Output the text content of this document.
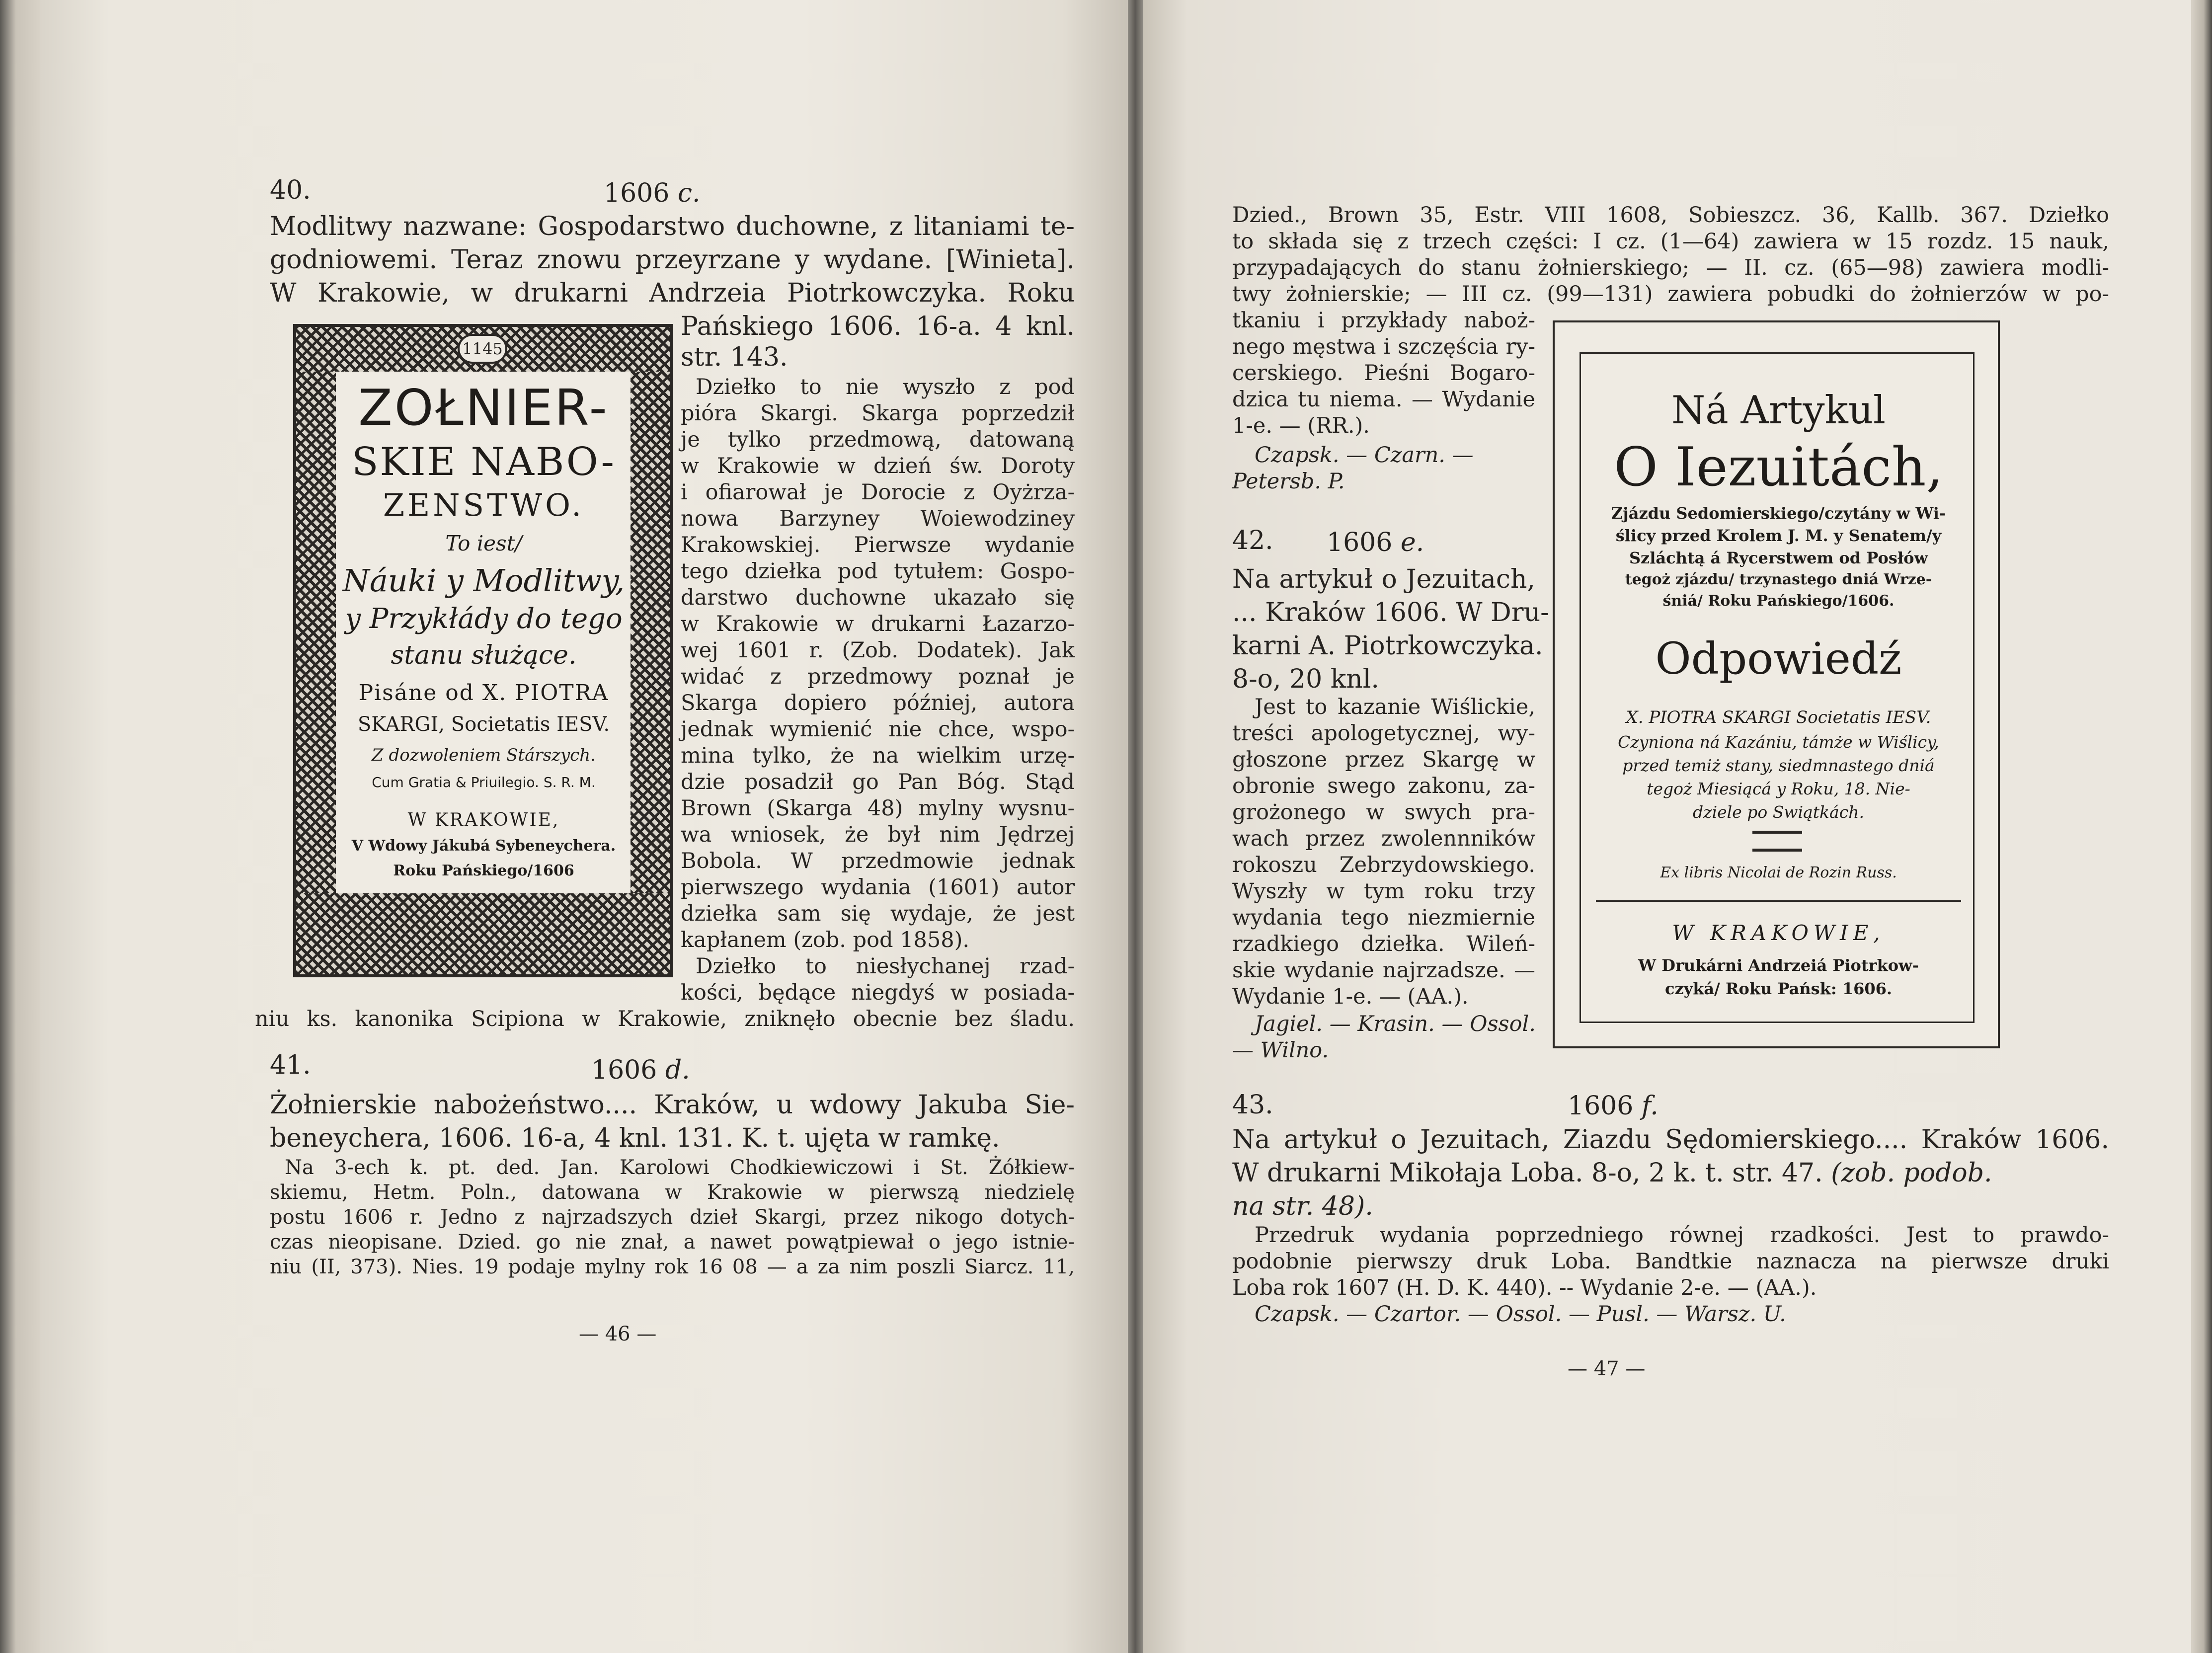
40.	1606 c.
Modlitwy nazwane: Gospodarstwo duchowne, z litaniami te-
godniowemi. Teraz znowu przeyrzane y wydane. [Winieta].
W Krakowie, w drukarni Andrzeia Piotrkowczyka. Roku
Pańskiego 1606. 16-a. 4 knl.
str. 143.
Dziełko to nie wyszło z pod
pióra Skargi. Skarga poprzedził
je tylko przedmową, datowaną
w Krakowie w dzień św. Doroty
i ofiarował je Dorocie z Oyżrza-
nowa Barzyney Woiewodziney
Krakowskiej. Pierwsze wydanie
tego dziełka pod tytułem: Gospo-
darstwo duchowne ukazało się
w Krakowie w drukarni Łazarzo-
wej 1601 r. (Zob. Dodatek). Jak
widać z przedmowy poznał je
Skarga dopiero później, autora
jednak wymienić nie chce, wspo-
mina tylko, że na wielkim urzę-
dzie posadził go Pan Bóg. Stąd
Brown (Skarga 48) mylny wysnu-
wa wniosek, że był nim Jędrzej
Bobola. W przedmowie jednak
pierwszego wydania (1601) autor
dziełka sam się wydaje, że jest
kapłanem (zob. pod 1858).
Dziełko to niesłychanej rzad-
kości, będące niegdyś w posiada-
niu ks. kanonika Scipiona w Krakowie, zniknęło obecnie bez śladu.
1145
ZOŁNIER-
SKIE NABO-
ZENSTWO.
To iest/
Náuki y Modlitwy,
y Przykłády do tego
stanu służące.
Pisáne od X. PIOTRA
SKARGI, Societatis IESV.
Z dozwoleniem Stárszych.
Cum Gratia & Priuilegio. S. R. M.
W KRAKOWIE,
V Wdowy Jákubá Sybeneychera.
Roku Pańskiego/1606
41.	1606 d.
Żołnierskie nabożeństwo.... Kraków, u wdowy Jakuba Sie-
beneychera, 1606. 16-a, 4 knl. 131. K. t. ujęta w ramkę.
Na 3-ech k. pt. ded. Jan. Karolowi Chodkiewiczowi i St. Żółkiew-
skiemu, Hetm. Poln., datowana w Krakowie w pierwszą niedzielę
postu 1606 r. Jedno z najrzadszych dzieł Skargi, przez nikogo dotych-
czas nieopisane. Dzied. go nie znał, a nawet powątpiewał o jego istnie-
niu (II, 373). Nies. 19 podaje mylny rok 16 08 — a za nim poszli Siarcz. 11,
— 46 —
Dzied., Brown 35, Estr. VIII 1608, Sobieszcz. 36, Kallb. 367. Dziełko
to składa się z trzech części: I cz. (1—64) zawiera w 15 rozdz. 15 nauk,
przypadających do stanu żołnierskiego; — II. cz. (65—98) zawiera modli-
twy żołnierskie; — III cz. (99—131) zawiera pobudki do żołnierzów w po-
tkaniu i przykłady naboż-
nego męstwa i szczęścia ry-
cerskiego. Pieśni Bogaro-
dzica tu niema. — Wydanie
1-e. — (RR.).
Czapsk. — Czarn. —
Petersb. P.
42. 1606 e.
Na artykuł o Jezuitach,
... Kraków 1606. W Dru-
karni A. Piotrkowczyka.
8-o, 20 knl.
Jest to kazanie Wiślickie,
treści apologetycznej, wy-
głoszone przez Skargę w
obronie swego zakonu, za-
grożonego w swych pra-
wach przez zwolennników
rokoszu Zebrzydowskiego.
Wyszły w tym roku trzy
wydania tego niezmiernie
rzadkiego dziełka. Wileń-
skie wydanie najrzadsze. —
Wydanie 1-e. — (AA.).
Jagiel. — Krasin. — Ossol.
— Wilno.
Ná Artykul
O Iezuitách,
Zjázdu Sedomierskiego/czytány w Wi-
ślicy przed Krolem J. M. y Senatem/y
Szláchtą á Rycerstwem od Posłów
tegoż zjázdu/ trzynastego dniá Wrze-
śniá/ Roku Pańskiego/1606.
Odpowiedź
X. PIOTRA SKARGI Societatis IESV.
Czyniona ná Kazániu, támże w Wiślicy,
przed temiż stany, siedmnastego dniá
tegoż Miesiącá y Roku, 18. Nie-
dziele po Swiątkách.
Ex libris Nicolai de Rozin Russ.
W KRAKOWIE,
W Drukárni Andrzeiá Piotrkow-
czyká/ Roku Pańsk: 1606.
43.	1606 f.
Na artykuł o Jezuitach, Ziazdu Sędomierskiego.... Kraków 1606.
W drukarni Mikołaja Loba. 8-o, 2 k. t. str. 47. (zob. podob.
na str. 48).
Przedruk wydania poprzedniego równej rzadkości. Jest to prawdo-
podobnie pierwszy druk Loba. Bandtkie naznacza na pierwsze druki
Loba rok 1607 (H. D. K. 440). -- Wydanie 2-e. — (AA.).
Czapsk. — Czartor. — Ossol. — Pusl. — Warsz. U.
— 47 —
